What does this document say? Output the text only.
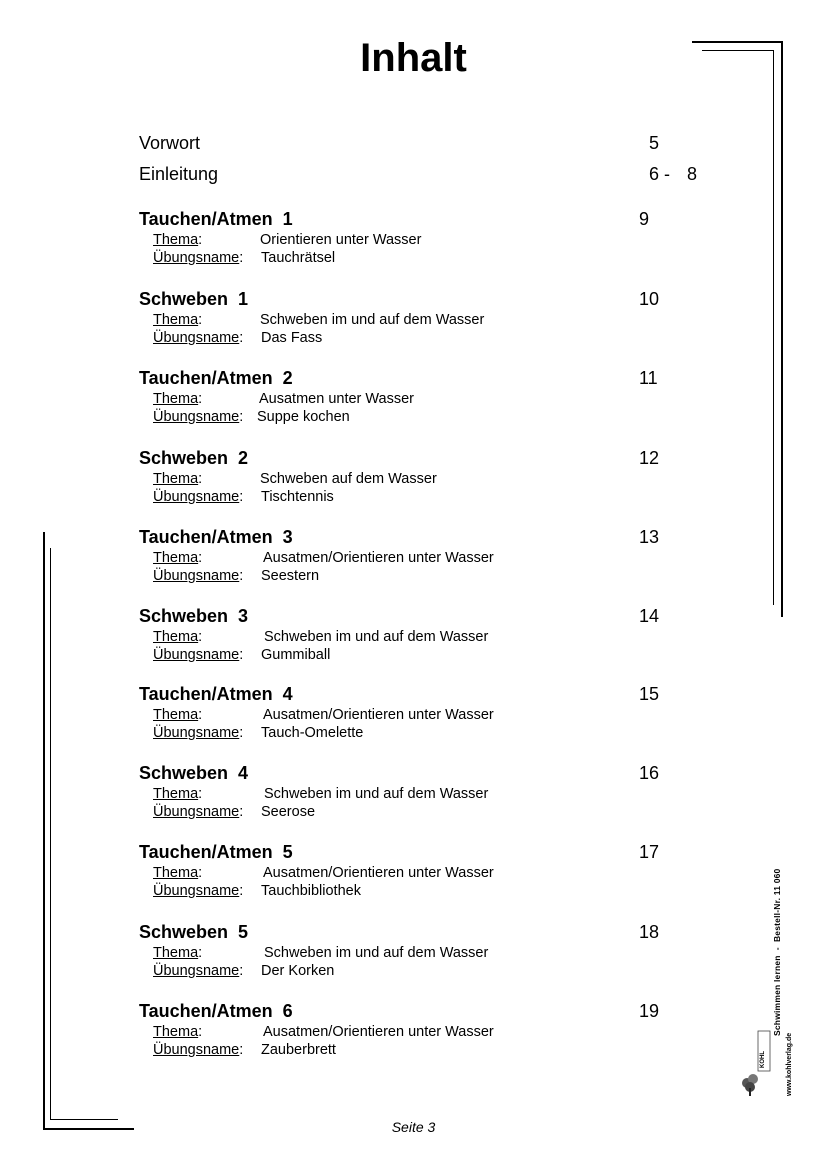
Inhalt
Vorwort	5
Einleitung	6 - 8
Tauchen/Atmen  1	9
Thema:	Orientieren unter Wasser
Übungsname: Tauchrätsel
Schweben  1	10
Thema:	Schweben im und auf dem Wasser
Übungsname: Das Fass
Tauchen/Atmen  2	11
Thema:	Ausatmen unter Wasser
Übungsname: Suppe kochen
Schweben  2	12
Thema:	Schweben auf dem Wasser
Übungsname: Tischtennis
Tauchen/Atmen  3	13
Thema:	Ausatmen/Orientieren unter Wasser
Übungsname: Seestern
Schweben  3	14
Thema:	Schweben im und auf dem Wasser
Übungsname: Gummiball
Tauchen/Atmen  4	15
Thema:	Ausatmen/Orientieren unter Wasser
Übungsname: Tauch-Omelette
Schweben  4	16
Thema:	Schweben im und auf dem Wasser
Übungsname: Seerose
Tauchen/Atmen  5	17
Thema:	Ausatmen/Orientieren unter Wasser
Übungsname: Tauchbibliothek
Schweben  5	18
Thema:	Schweben im und auf dem Wasser
Übungsname: Der Korken
Tauchen/Atmen  6	19
Thema:	Ausatmen/Orientieren unter Wasser
Übungsname: Zauberbrett
Seite 3
Schwimmen lernen  -  Bestell-Nr. 11 060
www.kohlverlag.de
KOHL
